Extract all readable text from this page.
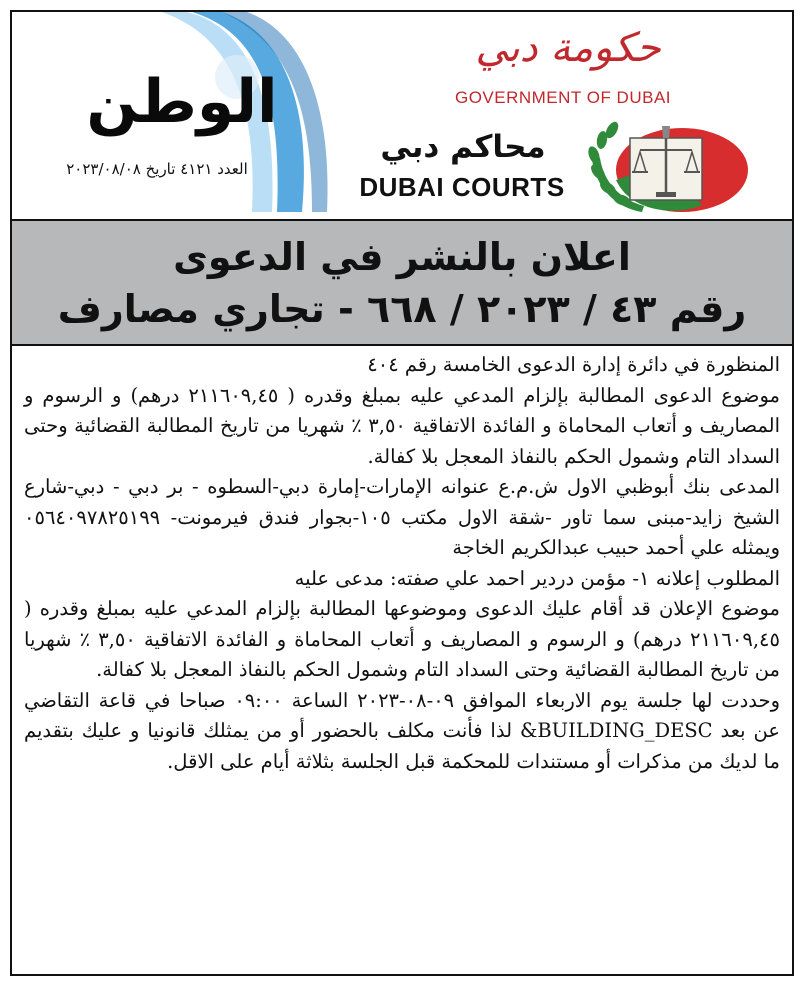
الوطن
العدد ٤١٢١ تاريخ ٢٠٢٣/٠٨/٠٨
حكومة دبي
GOVERNMENT OF DUBAI
محاكم دبي
DUBAI COURTS
اعلان بالنشر في الدعوى
رقم ٤٣ / ٢٠٢٣ / ٦٦٨ - تجاري مصارف

المنظورة في دائرة إدارة الدعوى الخامسة رقم ٤٠٤

موضوع الدعوى المطالبة بإلزام المدعي عليه بمبلغ وقدره ( ٢١١٦٠٩,٤٥ درهم) و الرسوم و المصاريف و أتعاب المحاماة و الفائدة الاتفاقية ٣,٥٠ ٪ شهريا من تاريخ المطالبة القضائية وحتى السداد التام وشمول الحكم بالنفاذ المعجل بلا كفالة.

المدعى بنك أبوظبي الاول ش.م.ع عنوانه الإمارات-إمارة دبي-السطوه - بر دبي - دبي-شارع الشيخ زايد-مبنى سما تاور -شقة الاول مكتب ١٠٥-بجوار فندق فيرمونت- ٠٥٦٤٠٩٧٨٢٥١٩٩ ويمثله علي أحمد حبيب عبدالكريم الخاجة

المطلوب إعلانه ١- مؤمن دردير احمد علي صفته: مدعى عليه

موضوع الإعلان قد أقام عليك الدعوى وموضوعها المطالبة بإلزام المدعي عليه بمبلغ وقدره ( ٢١١٦٠٩,٤٥ درهم) و الرسوم و المصاريف و أتعاب المحاماة و الفائدة الاتفاقية ٣,٥٠ ٪ شهريا من تاريخ المطالبة القضائية وحتى السداد التام وشمول الحكم بالنفاذ المعجل بلا كفالة.

وحددت لها جلسة يوم الاربعاء الموافق ٠٩-٠٨-٢٠٢٣ الساعة ٠٩:٠٠ صباحا في قاعة التقاضي عن بعد BUILDING_DESC& لذا فأنت مكلف بالحضور أو من يمثلك قانونيا و عليك بتقديم ما لديك من مذكرات أو مستندات للمحكمة قبل الجلسة بثلاثة أيام على الاقل.
